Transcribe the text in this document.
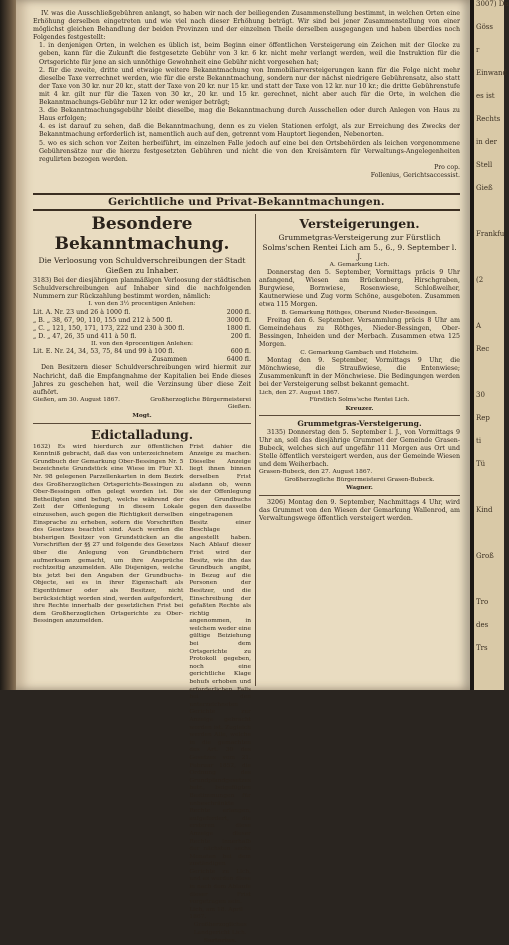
IV. was die Ausschließgebühren anlangt, so haben wir nach der beiliegenden Zusammenstellung bestimmt, in welchen Orten eine Erhöhung derselben eingetreten und wie viel nach dieser Erhöhung beträgt. Wir sind bei jener Zusammenstellung von einer möglichst gleichen Behandlung der beiden Provinzen und der einzelnen Theile derselben ausgegangen und haben überdies noch Folgendes festgestellt:

1. in denjenigen Orten, in welchen es üblich ist, beim Beginn einer öffentlichen Versteigerung ein Zeichen mit der Glocke zu geben, kann für die Zukunft die festgesetzte Gebühr von 3 kr. 6 kr. nicht mehr verlangt werden, weil die Instruktion für die Ortsgerichte für jene an sich unnöthige Gewohnheit eine Gebühr nicht vorgesehen hat;

2. für die zweite, dritte und etwaige weitere Bekanntmachung von Immobiliarversteigerungen kann für die Folge nicht mehr dieselbe Taxe verrechnet werden, wie für die erste Bekanntmachung, sondern nur der nächst niedrigere Gebührensatz, also statt der Taxe von 30 kr. nur 20 kr., statt der Taxe von 20 kr. nur 15 kr. und statt der Taxe von 12 kr. nur 10 kr.; die dritte Gebührenstufe mit 4 kr. gilt nur für die Taxen von 30 kr., 20 kr. und 15 kr. gerechnet, nicht aber auch für die Orte, in welchen die Bekanntmachungs-Gebühr nur 12 kr. oder weniger beträgt;

3. die Bekanntmachungsgebühr bleibt dieselbe, mag die Bekanntmachung durch Ausschellen oder durch Anlegen von Haus zu Haus erfolgen;

4. es ist darauf zu sehen, daß die Bekanntmachung, denn es zu vielen Stationen erfolgt, als zur Erreichung des Zwecks der Bekanntmachung erforderlich ist, namentlich auch auf den, getrennt vom Hauptort liegenden, Nebenorten.

5. wo es sich schon vor Zeiten herbeiführt, im einzelnen Falle jedoch auf eine bei den Ortsbehörden als leichen vorgenommene Gebührensätze nur die hierzu festgesetzten Gebühren und nicht die von den Kreisämtern für Verwaltungs-Angelegenheiten regulirten bezogen werden.

Pro cop.
Follenius, Gerichtsaccessist.
Gerichtliche und Privat-Bekanntmachungen.
Besondere Bekanntmachung.
Die Verloosung von Schuldverschreibungen der Stadt Gießen zu Inhaber.

3183) Bei der diesjährigen planmäßigen Verloosung der städtischen Schuldverschreibungen auf Inhaber sind die nachfolgenden Nummern zur Rückzahlung bestimmt worden, nämlich:

I. von den 3½ procentigen Anlehen:
Lit. A. Nr. 23 und 26 à 1000 fl.	2000 fl.
„ B. „ 38, 67, 90, 110, 155 und 212 à 500 fl.	3000 fl.
„ C. „ 121, 150, 171, 173, 222 und 230 à 300 fl.	1800 fl.
„ D. „ 47, 26, 35 und 411 à 50 fl.	200 fl.
II. von den 4procentigen Anlehen:
Lit. E. Nr. 24, 34, 53, 75, 84 und 99 à 100 fl.	600 fl.
Zusammen	6400 fl.

Den Besitzern dieser Schuldverschreibungen wird hiermit zur Nachricht, daß die Empfangnahme der Kapitalien bei Ende dieses Jahres zu geschehen hat, weil die Verzinsung über diese Zeit aufhört.

Gießen, am 30. August 1867.	Großherzogliche Bürgermeisterei Gießen.
Mogt.
Edictalladung.

1632) Es wird hierdurch zur öffentlichen Kenntniß gebracht, daß das von unterzeichnetem Grundbuch der Gemarkung Ober-Bessingen Nr. 5 bezeichnete Grundstück eine Wiese im Flur XI. Nr. 98 gelegenen Parzellenkarten in dem Bezirk des Großherzoglichen Ortsgerichts-Bessingen zu Ober-Bessingen offen gelegt worden ist. Die Betheiligten sind befugt, welche während der Zeit der Offenlegung in diesem Lokale einzusehen, auch gegen die Richtigkeit derselben Einsprache zu erheben, sofern die Vorschriften des Gesetzes beachtet sind. Auch werden die bisherigen Besitzer von Grundstücken an die Vorschriften der §§ 27 und folgende des Gesetzes über die Anlegung von Grundbüchern aufmerksam gemacht, um ihre Ansprüche rechtzeitig anzumelden. Alle Diejenigen, welche bis jetzt bei den Angaben der Grundbuchs-Objecte, sei es in ihrer Eigenschaft als Eigenthümer oder als Besitzer, nicht berücksichtigt worden sind, werden aufgefordert, ihre Rechte innerhalb der gesetzlichen Frist bei dem Großherzoglichen Ortsgerichte zu Ober-Bessingen anzumelden.

Frist dahier die Anzeige zu machen. Dieselbe Anzeige liegt ihnen binnen derselben Frist alsdann ob, wenn sie der Offenlegung des Grundbuchs gegen den dasselbe eingetragenen Besitz einer Beschlage angestellt haben. Nach Ablauf dieser Frist wird der Besitz, wie ihn das Grundbuch angibt, in Bezug auf die Personen der Besitzer, und die Einschreibung der gefaßten Rechte als richtig angenommen, in welchem weder eine gültige Beiziehung bei dem Ortsgerichte zu Protokoll gegeben, noch eine gerichtliche Klage behufs erhoben und erforderlichen Falls bei den unterzeichneten Gerichte zur Anzeige gebracht worden ist. Zugleich werden Alle, welche in die gemachten des Art. 30 des Gesetzes vom 21. Februar 1852, die Ordnung des Grundpfandgesetzes betr., beigefügten Bestimmungen für unbeschränkte Rechte erlangen, aufgefordert, die ersteren diese Anzeige dieser Rechte innerhalb der nächsten sechs Monaten bei dem zuständigen Gerichte zu Lich, und es werden diese in nach dem Ablaufe dieser Frist vorgetragen sein.

Lich, am 18. April 1867.
Großherzogliches Landgericht Lich.
Sartorius.
Versteigerungen.
Grummetgras-Versteigerung zur Fürstlich Solms'schen Rentei Lich am 5., 6., 9. September l. J.
A. Gemarkung Lich.

Donnerstag den 5. September, Vormittags präcis 9 Uhr anfangend, Wiesen am Brückenberg, Hirschgraben, Burgwiese, Bornwiese, Rosenwiese, Schloßweiher, Kautnerwiese und Zug vorm Schöne, ausgeboten. Zusammen etwa 115 Morgen.

B. Gemarkung Röthges, Oberund Nieder-Bessingen.

Freitag den 6. September. Versammlung präcis 8 Uhr am Gemeindehaus zu Röthges, Nieder-Bessingen, Ober-Bessingen, Inheiden und der Merbach. Zusammen etwa 125 Morgen.

C. Gemarkung Gambach und Holzheim.

Montag den 9. September, Vormittags 9 Uhr, die Mönchwiese, die Straußwiese, die Entenwiese; Zusammenkunft in der Mönchwiese. Die Bedingungen werden bei der Versteigerung selbst bekannt gemacht.

Lich, den 27. August 1867.
Fürstlich Solms'sche Rentei Lich.
Kreuzer.
Grummetgras-Versteigerung.

3135) Donnerstag den 5. September l. J., von Vormittags 9 Uhr an, soll das diesjährige Grummet der Gemeinde Grasen-Bubeck, welches sich auf ungefähr 111 Morgen aus Ort und Stelle öffentlich versteigert werden, aus der Gemeinde Wiesen und dem Weiherbach.

Grasen-Bubeck, den 27. August 1867.
Großherzogliche Bürgermeisterei Grasen-Bubeck.
Wagner.

3206) Montag den 9. September, Nachmittags 4 Uhr, wird das Grummet von den Wiesen der Gemarkung Wallenrod, am Verwaltungswege öffentlich versteigert werden.

3007) Da
Göss
r
Einwand
es ist
Rechts
in der
Stell
Gieß
Frankfu
(2
A
Rec
30
Rep
ti
Tü
Kind
Groß
Tro
des
Trs
